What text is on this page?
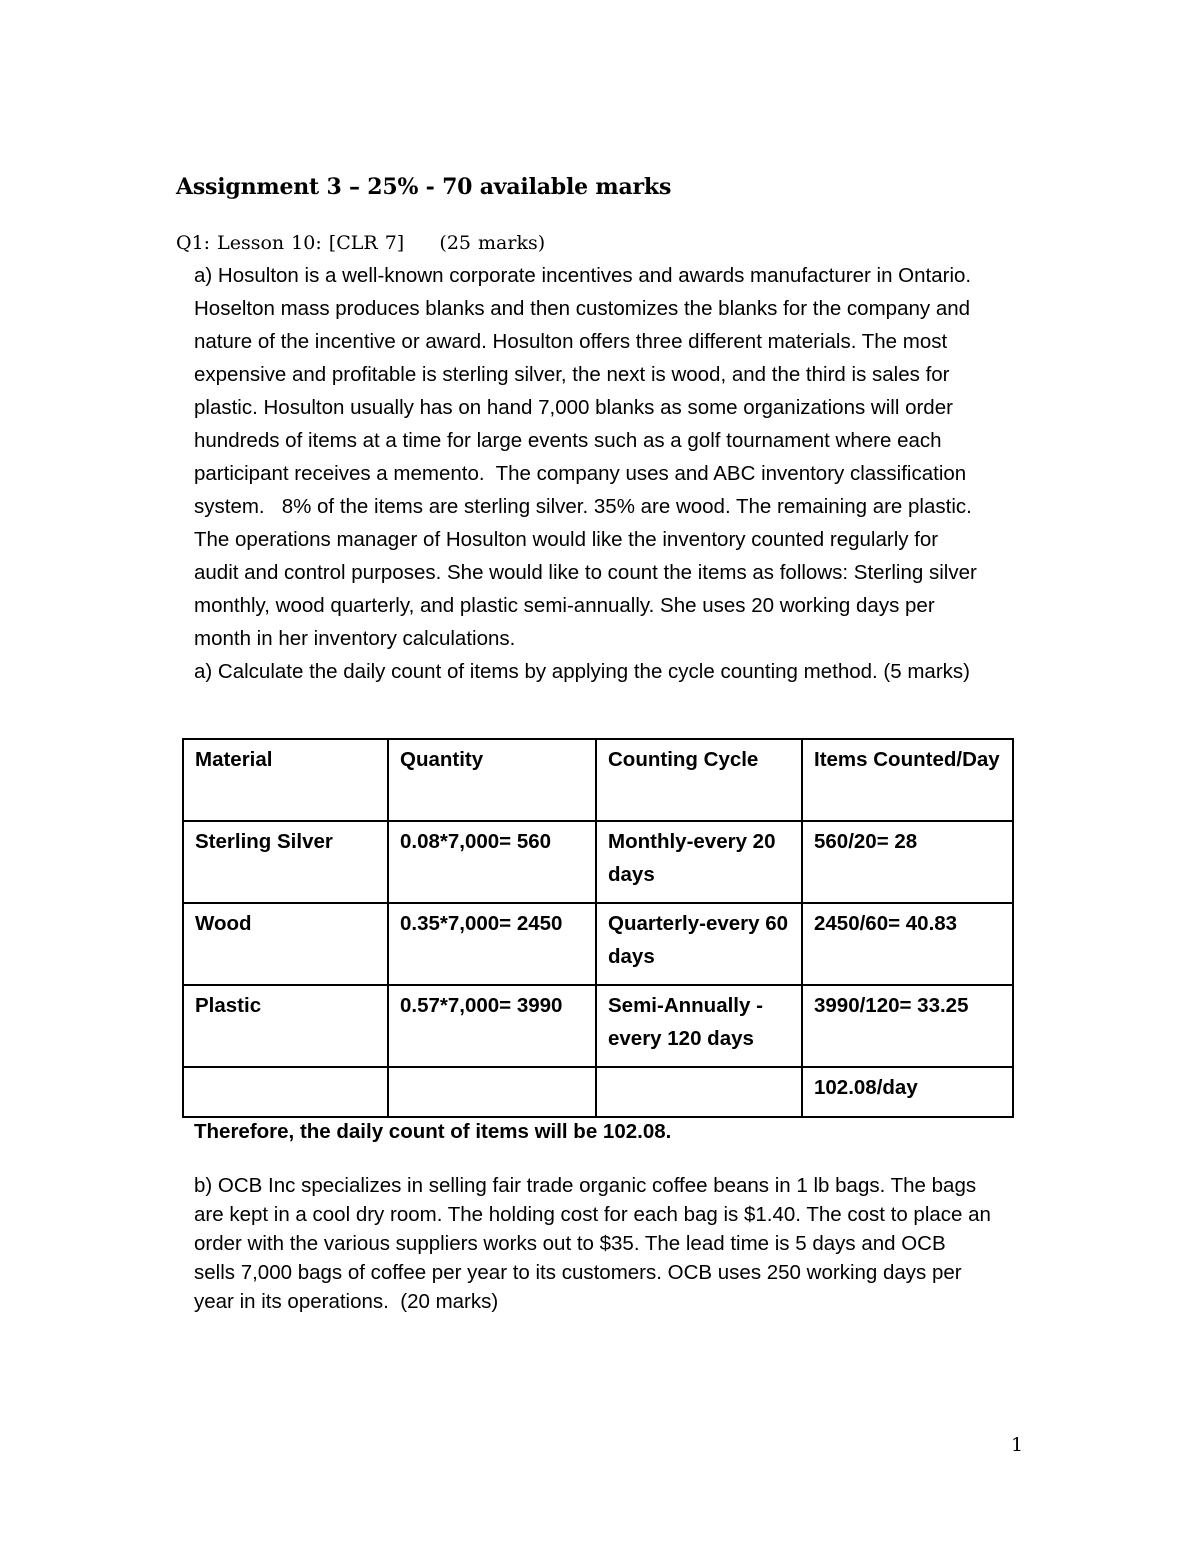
Assignment 3 – 25% - 70 available marks
Q1: Lesson 10: [CLR 7]     (25 marks)

a) Hosulton is a well-known corporate incentives and awards manufacturer in Ontario.
Hoselton mass produces blanks and then customizes the blanks for the company and
nature of the incentive or award. Hosulton offers three different materials. The most
expensive and profitable is sterling silver, the next is wood, and the third is sales for
plastic. Hosulton usually has on hand 7,000 blanks as some organizations will order
hundreds of items at a time for large events such as a golf tournament where each
participant receives a memento.  The company uses and ABC inventory classification
system.   8% of the items are sterling silver. 35% are wood. The remaining are plastic.
The operations manager of Hosulton would like the inventory counted regularly for
audit and control purposes. She would like to count the items as follows: Sterling silver
monthly, wood quarterly, and plastic semi-annually. She uses 20 working days per
month in her inventory calculations.
a) Calculate the daily count of items by applying the cycle counting method. (5 marks)

Material	Quantity	Counting Cycle	Items Counted/Day
Sterling Silver	0.08*7,000= 560	Monthly-every 20 days	560/20= 28
Wood	0.35*7,000= 2450	Quarterly-every 60 days	2450/60= 40.83
Plastic	0.57*7,000= 3990	Semi-Annually -every 120 days	3990/120= 33.25
			102.08/day
Therefore, the daily count of items will be 102.08.

b) OCB Inc specializes in selling fair trade organic coffee beans in 1 lb bags. The bags
are kept in a cool dry room. The holding cost for each bag is $1.40. The cost to place an
order with the various suppliers works out to $35. The lead time is 5 days and OCB
sells 7,000 bags of coffee per year to its customers. OCB uses 250 working days per
year in its operations.  (20 marks)

1
